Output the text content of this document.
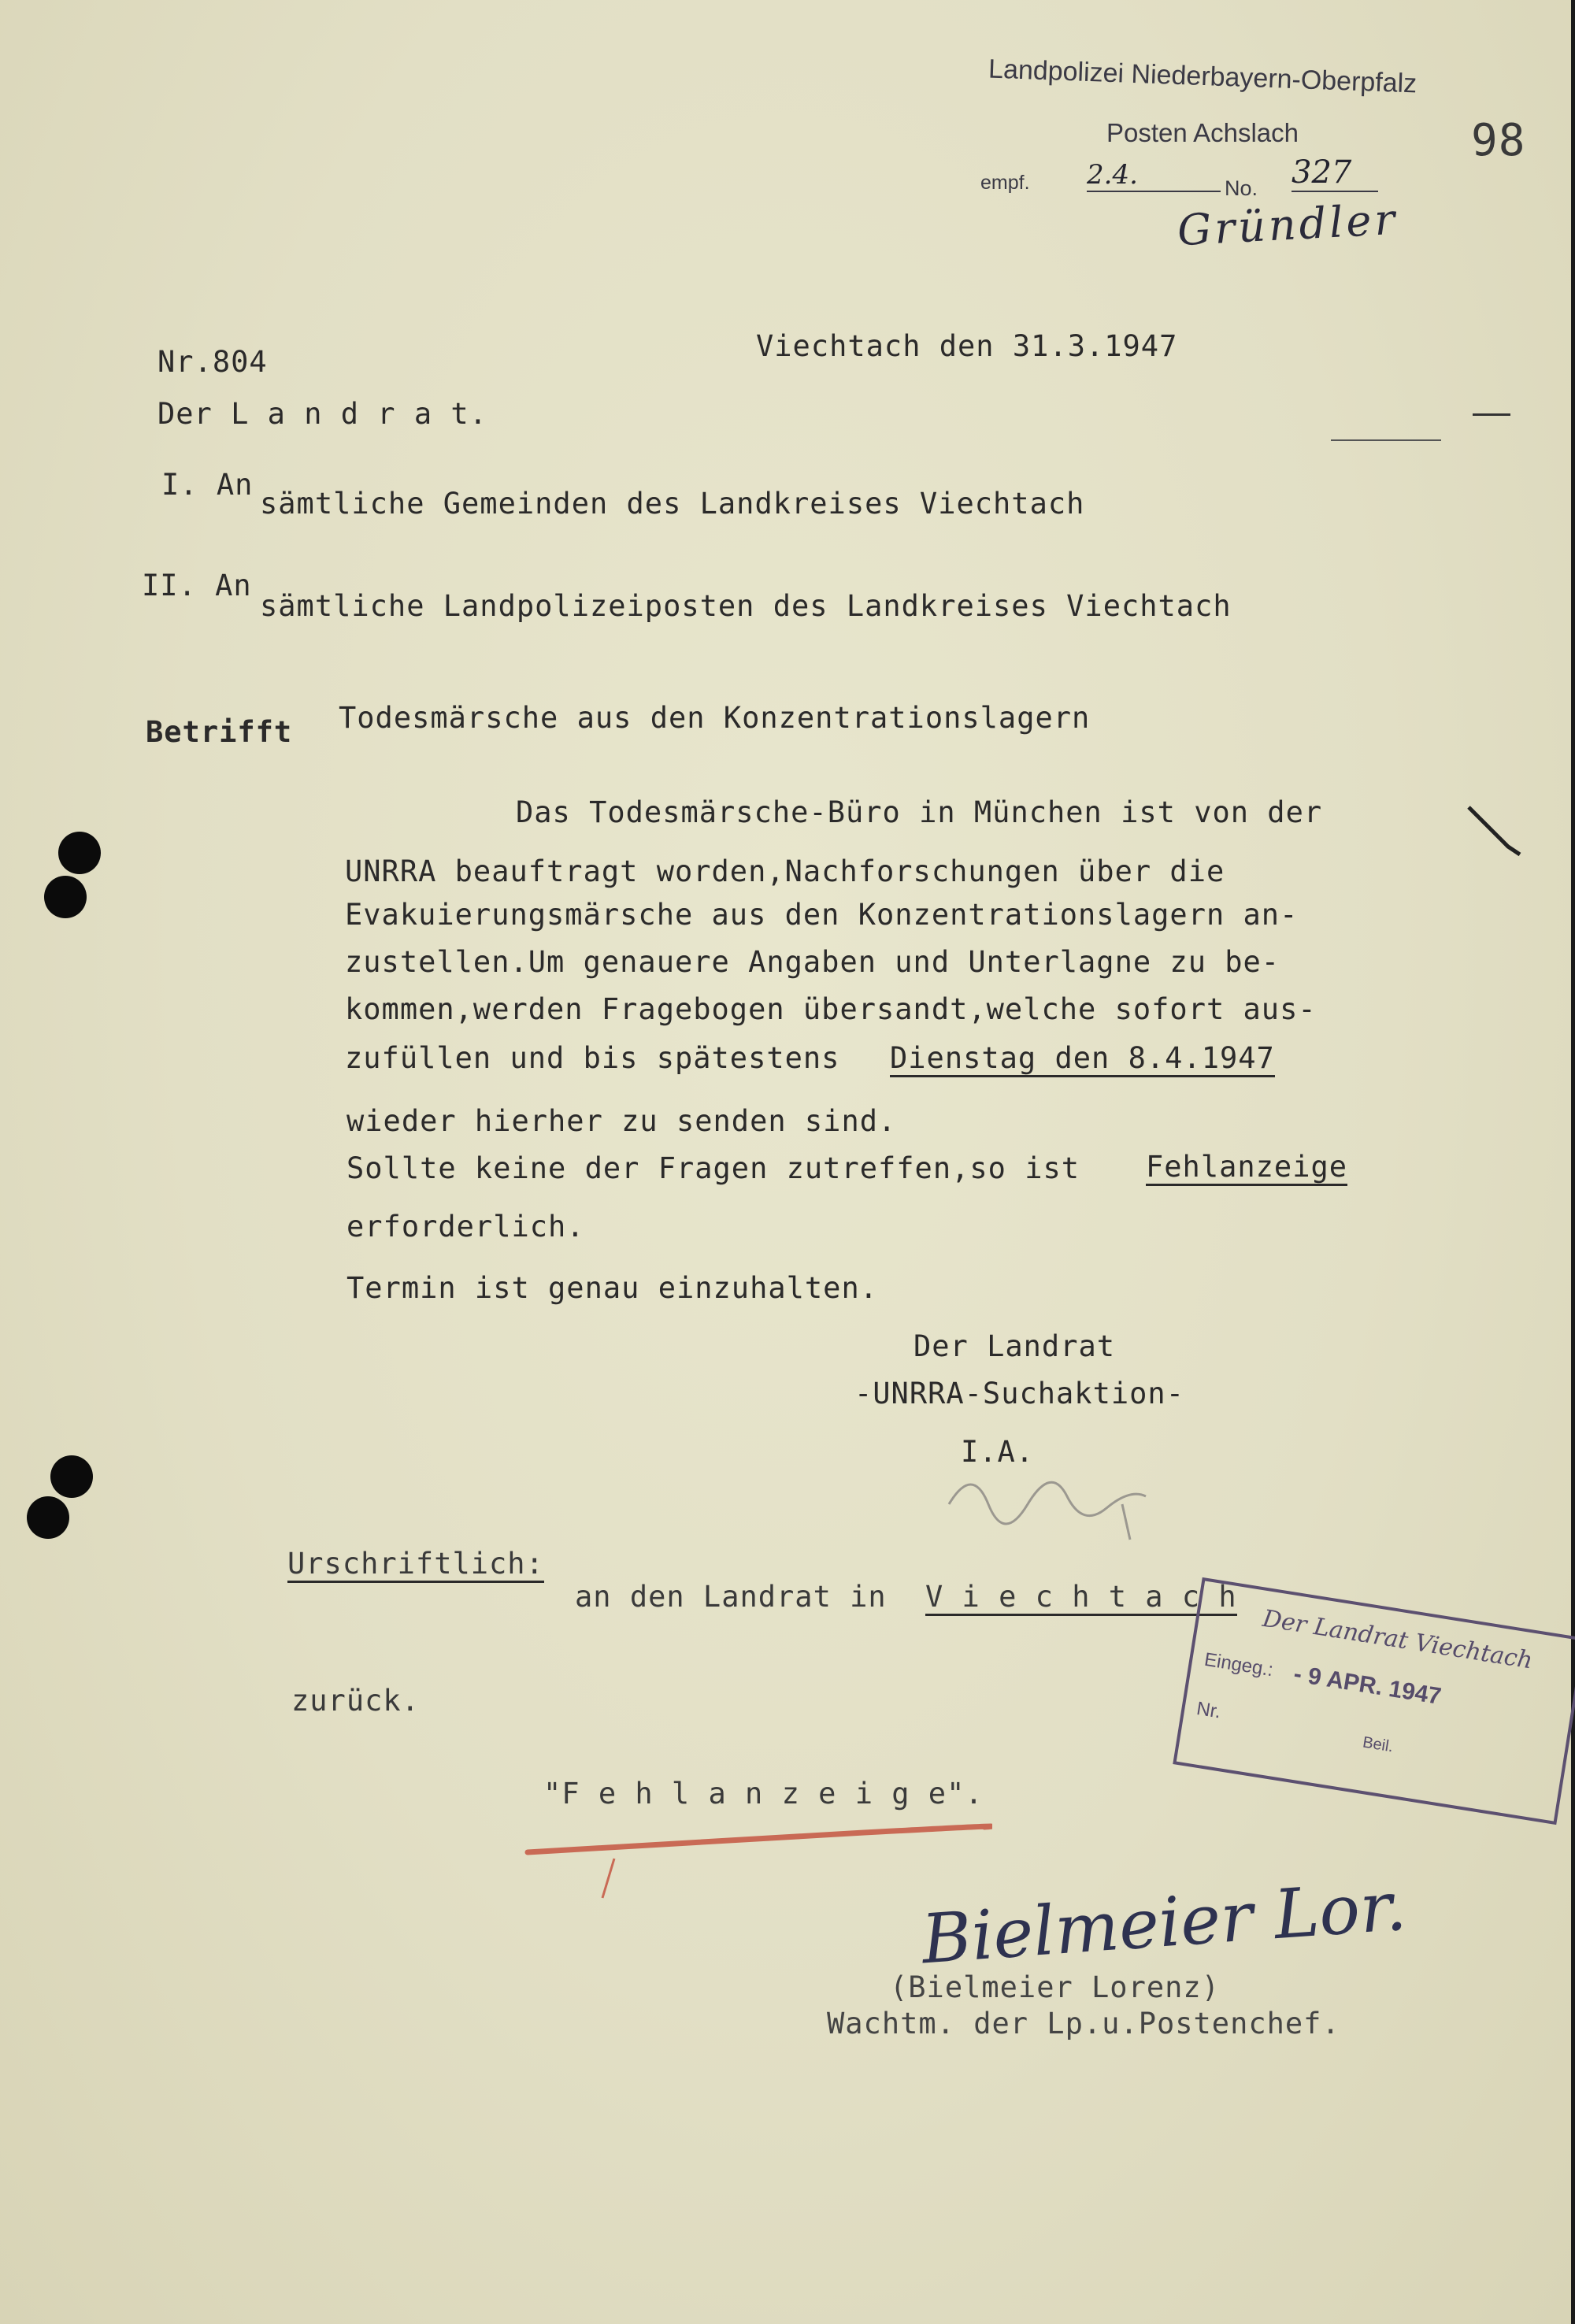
Landpolizei Niederbayern-Oberpfalz
Posten Achslach
empf. 2.4.	No. 327
Gründler
98
Nr.804	Viechtach den 31.3.1947
Der L a n d r a t.
I. An
sämtliche Gemeinden des Landkreises Viechtach
II. An
sämtliche Landpolizeiposten des Landkreises Viechtach
Betrifft Todesmärsche aus den Konzentrationslagern
Das Todesmärsche-Büro in München ist von der
UNRRA beauftragt worden,Nachforschungen über die
Evakuierungsmärsche aus den Konzentrationslagern an-
zustellen.Um genauere Angaben und Unterlagne zu be-
kommen,werden Fragebogen übersandt,welche sofort aus-
zufüllen und bis spätestens Dienstag den 8.4.1947
wieder hierher zu senden sind.
Sollte keine der Fragen zutreffen,so ist Fehlanzeige
erforderlich.
Termin ist genau einzuhalten.
Der Landrat
-UNRRA-Suchaktion-
I.A.
Urschriftlich:
an den Landrat in V i e c h t a c h
zurück.
"F e h l a n z e i g e".
Der Landrat Viechtach
Eingeg.: - 9 APR. 1947
Nr.
Beil.
Bielmeier Lor.
(Bielmeier Lorenz)
Wachtm. der Lp.u.Postenchef.
